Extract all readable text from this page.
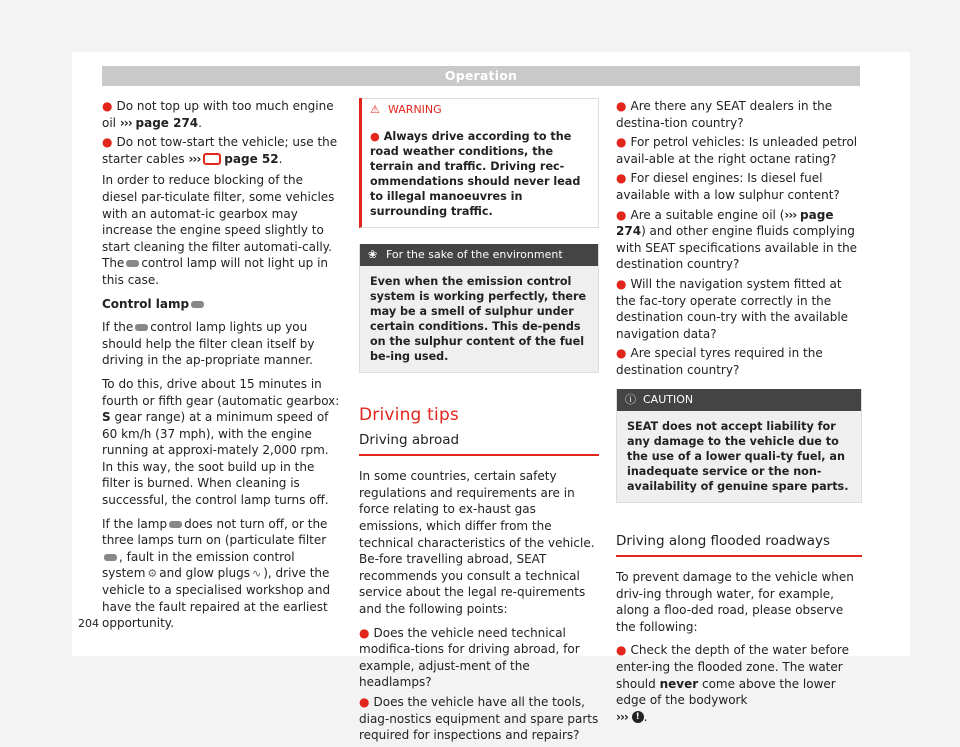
Operation

● Do not top up with too much engine oil ››› page 274.

● Do not tow-start the vehicle; use the starter cables ››› page 52.

In order to reduce blocking of the diesel par-ticulate filter, some vehicles with an automat-ic gearbox may increase the engine speed slightly to start cleaning the filter automati-cally. The control lamp will not light up in this case.

Control lamp

If the control lamp lights up you should help the filter clean itself by driving in the ap-propriate manner.

To do this, drive about 15 minutes in fourth or fifth gear (automatic gearbox: S gear range) at a minimum speed of 60 km/h (37 mph), with the engine running at approxi-mately 2,000 rpm. In this way, the soot build up in the filter is burned. When cleaning is successful, the control lamp turns off.

If the lamp does not turn off, or the three lamps turn on (particulate filter, fault in the emission control system ⚙ and glow plugs ∿ ), drive the vehicle to a specialised workshop and have the fault repaired at the earliest opportunity.

⚠ WARNING
● Always drive according to the road weather conditions, the terrain and traffic. Driving rec-ommendations should never lead to illegal manoeuvres in surrounding traffic.
❀ For the sake of the environment
Even when the emission control system is working perfectly, there may be a smell of sulphur under certain conditions. This de-pends on the sulphur content of the fuel be-ing used.
Driving tips
Driving abroad

In some countries, certain safety regulations and requirements are in force relating to ex-haust gas emissions, which differ from the technical characteristics of the vehicle. Be-fore travelling abroad, SEAT recommends you consult a technical service about the legal re-quirements and the following points:

● Does the vehicle need technical modifica-tions for driving abroad, for example, adjust-ment of the headlamps?

● Does the vehicle have all the tools, diag-nostics equipment and spare parts required for inspections and repairs?

● Are there any SEAT dealers in the destina-tion country?

● For petrol vehicles: Is unleaded petrol avail-able at the right octane rating?

● For diesel engines: Is diesel fuel available with a low sulphur content?

● Are a suitable engine oil (››› page 274) and other engine fluids complying with SEAT specifications available in the destination country?

● Will the navigation system fitted at the fac-tory operate correctly in the destination coun-try with the available navigation data?

● Are special tyres required in the destination country?

ⓘ CAUTION
SEAT does not accept liability for any damage to the vehicle due to the use of a lower quali-ty fuel, an inadequate service or the non-availability of genuine spare parts.
Driving along flooded roadways

To prevent damage to the vehicle when driv-ing through water, for example, along a floo-ded road, please observe the following:

● Check the depth of the water before enter-ing the flooded zone. The water should never come above the lower edge of the bodywork
››› ! .

204
